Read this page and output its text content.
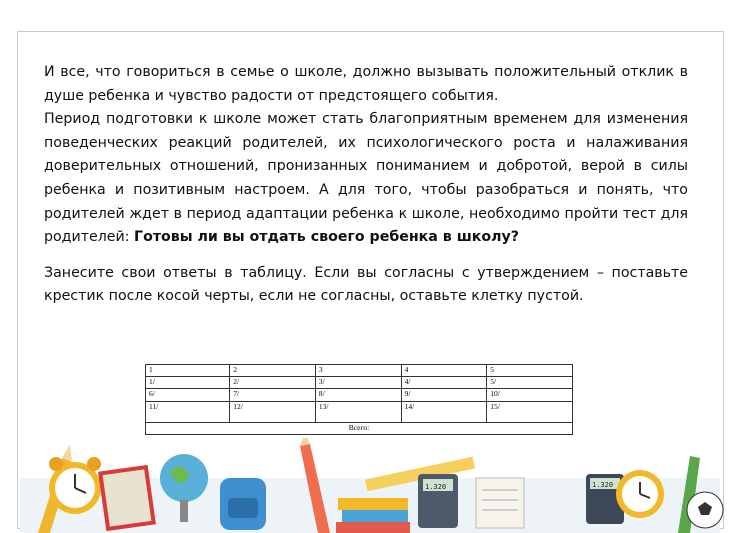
И все, что говориться в семье о школе, должно вызывать положительный отклик в душе ребенка и чувство радости от предстоящего события.

Период подготовки к школе может стать благоприятным временем для изменения поведенческих реакций родителей, их психологического роста и налаживания доверительных отношений, пронизанных пониманием и добротой, верой в силы ребенка и позитивным настроем. А для того, чтобы разобраться и понять, что родителей ждет в период адаптации ребенка к школе, необходимо пройти тест для родителей: Готовы ли вы отдать своего ребенка в школу?

Занесите свои ответы в таблицу. Если вы согласны с утверждением – поставьте крестик после косой черты, если не согласны, оставьте клетку пустой.

1	2	3	4	5
1/	2/	3/	4/	5/
6/	7/	8/	9/	10/
11/	12/	13/	14/	15/
Всего:				
1.320	1.320
